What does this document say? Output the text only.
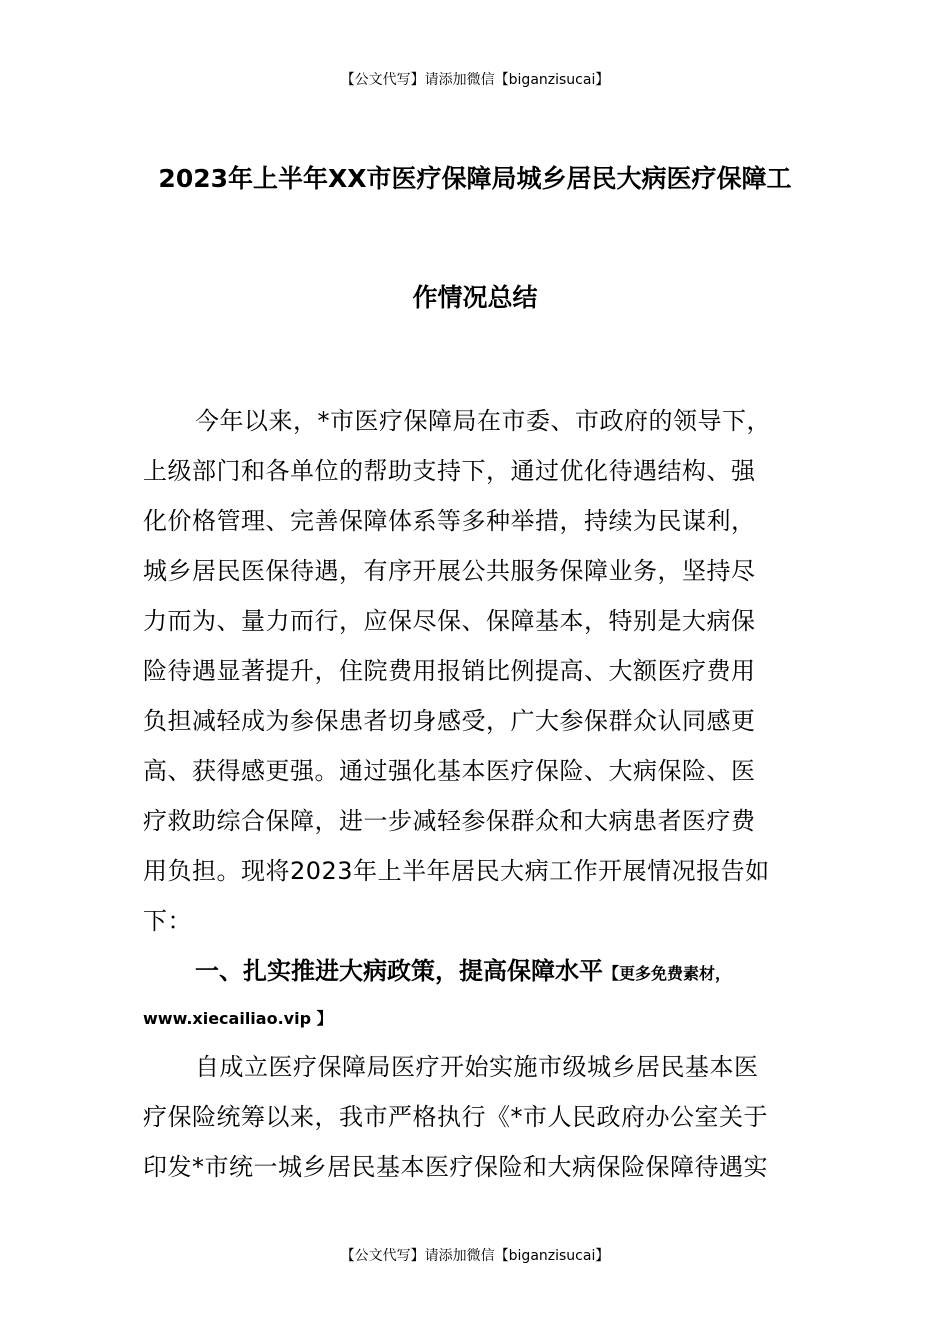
【公文代写】请添加微信【biganzisucai】
2023年上半年XX市医疗保障局城乡居民大病医疗保障工
作情况总结
今年以来，*市医疗保障局在市委、市政府的领导下，
上级部门和各单位的帮助支持下，通过优化待遇结构、强
化价格管理、完善保障体系等多种举措，持续为民谋利，
城乡居民医保待遇，有序开展公共服务保障业务，坚持尽
力而为、量力而行，应保尽保、保障基本，特别是大病保
险待遇显著提升，住院费用报销比例提高、大额医疗费用
负担减轻成为参保患者切身感受，广大参保群众认同感更
高、获得感更强。通过强化基本医疗保险、大病保险、医
疗救助综合保障，进一步减轻参保群众和大病患者医疗费
用负担。现将2023年上半年居民大病工作开展情况报告如
下：
一、扎实推进大病政策，提高保障水平【更多免费素材，
www.xiecailiao.vip 】
自成立医疗保障局医疗开始实施市级城乡居民基本医
疗保险统筹以来，我市严格执行《*市人民政府办公室关于
印发*市统一城乡居民基本医疗保险和大病保险保障待遇实
【公文代写】请添加微信【biganzisucai】
